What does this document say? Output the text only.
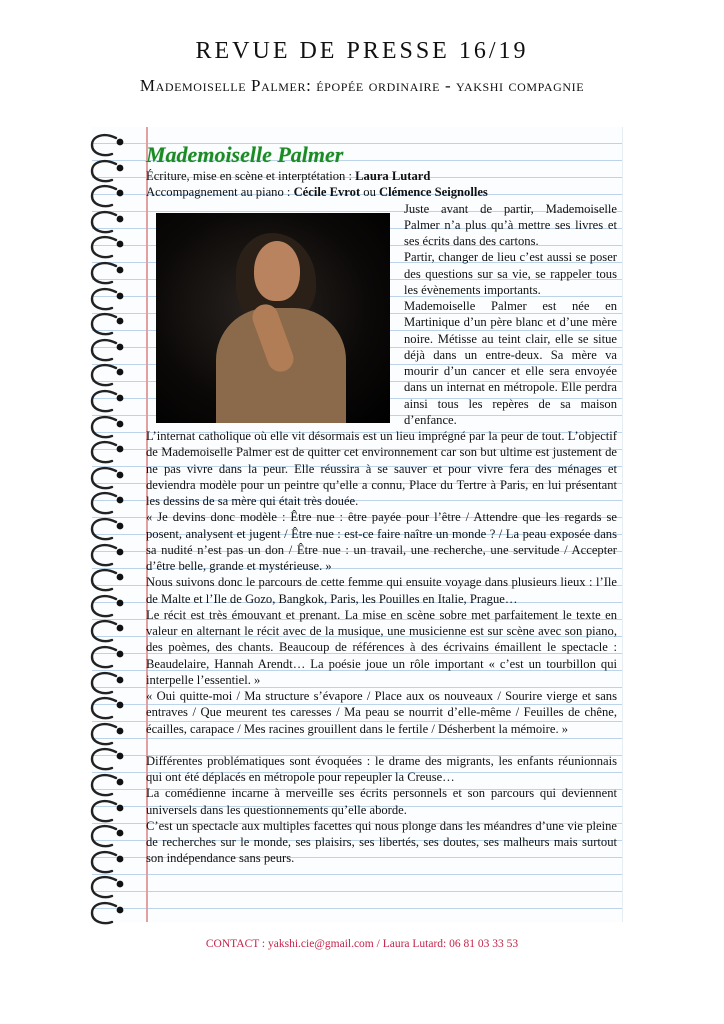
REVUE DE PRESSE 16/19
Mademoiselle Palmer: épopée ordinaire - yakshi compagnie
Mademoiselle Palmer

Écriture, mise en scène et interptétation : Laura Lutard

Accompagnement au piano : Cécile Evrot ou Clémence Seignolles

Juste avant de partir, Mademoiselle Palmer n’a plus qu’à mettre ses livres et ses écrits dans des cartons.

Partir, changer de lieu c’est aussi se poser des questions sur sa vie, se rappeler tous les évènements importants.

Mademoiselle Palmer est née en Martinique d’un père blanc et d’une mère noire. Métisse au teint clair, elle se situe déjà dans un entre-deux. Sa mère va mourir d’un cancer et elle sera envoyée dans un internat en métropole. Elle perdra ainsi tous les repères de sa maison d’enfance.

L’internat catholique où elle vit désormais est un lieu imprégné par la peur de tout. L’objectif de Mademoiselle Palmer est de quitter cet environnement car son but ultime est justement de ne pas vivre dans la peur. Elle réussira à se sauver et pour vivre fera des ménages et deviendra modèle pour un peintre qu’elle a connu, Place du Tertre à Paris, en lui présentant les dessins de sa mère qui était très douée.

« Je devins donc modèle : Être nue : être payée pour l’être / Attendre que les regards se posent, analysent et jugent / Être nue : est-ce faire naître un monde ? / La peau exposée dans sa nudité n’est pas un don / Être nue : un travail, une recherche, une servitude / Accepter d’être belle, grande et mystérieuse. »

Nous suivons donc le parcours de cette femme qui ensuite voyage dans plusieurs lieux : l’Ile de Malte et l’Ile de Gozo, Bangkok, Paris, les Pouilles en Italie, Prague…

Le récit est très émouvant et prenant. La mise en scène sobre met parfaitement le texte en valeur en alternant le récit avec de la musique, une musicienne est sur scène avec son piano, des poèmes, des chants. Beaucoup de références à des écrivains émaillent le spectacle : Beaudelaire, Hannah Arendt… La poésie joue un rôle important « c’est un tourbillon qui interpelle l’essentiel. »

« Oui quitte-moi / Ma structure s’évapore / Place aux os nouveaux / Sourire vierge et sans entraves / Que meurent tes caresses / Ma peau se nourrit d’elle-même / Feuilles de chêne, écailles, carapace / Mes racines grouillent dans le fertile / Désherbent la mémoire. »

Différentes problématiques sont évoquées : le drame des migrants, les enfants réunionnais qui ont été déplacés en métropole pour repeupler la Creuse…

La comédienne incarne à merveille ses écrits personnels et son parcours qui deviennent universels dans les questionnements qu’elle aborde.

C’est un spectacle aux multiples facettes qui nous plonge dans les méandres d’une vie pleine de recherches sur le monde, ses plaisirs, ses libertés, ses doutes, ses malheurs mais surtout son indépendance sans peurs.

CONTACT : yakshi.cie@gmail.com / Laura Lutard: 06 81 03 33 53
